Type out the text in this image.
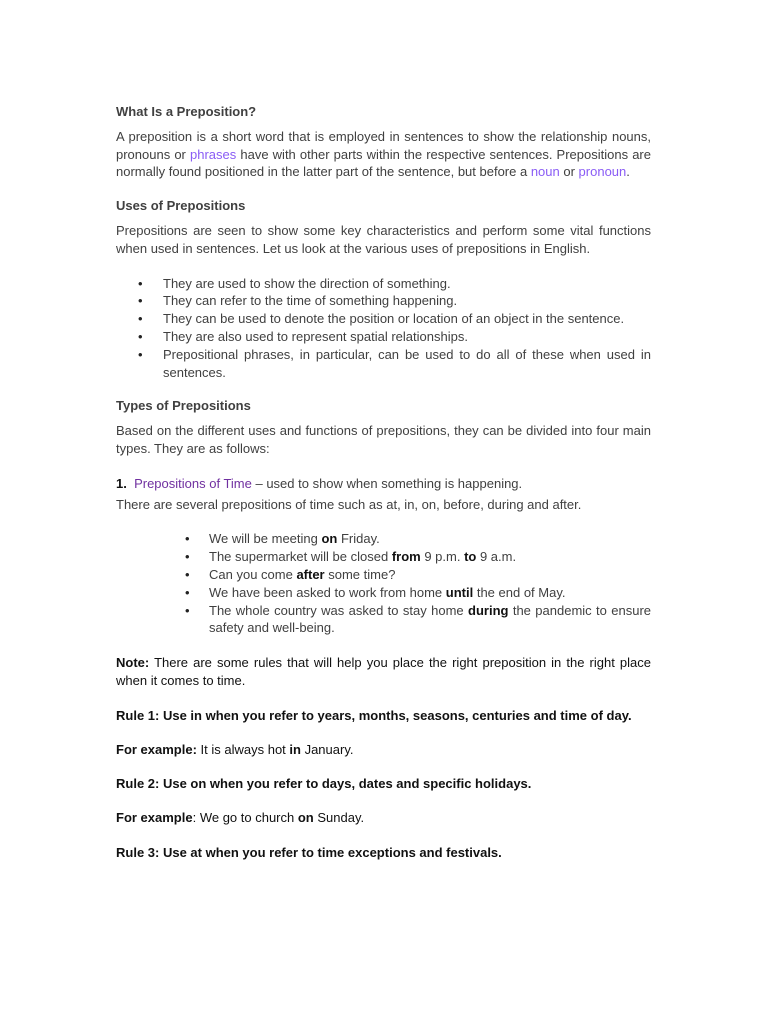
What Is a Preposition?

A preposition is a short word that is employed in sentences to show the relationship nouns, pronouns or phrases have with other parts within the respective sentences. Prepositions are normally found positioned in the latter part of the sentence, but before a noun or pronoun.

Uses of Prepositions

Prepositions are seen to show some key characteristics and perform some vital functions when used in sentences. Let us look at the various uses of prepositions in English.

• They are used to show the direction of something.
• They can refer to the time of something happening.
• They can be used to denote the position or location of an object in the sentence.
• They are also used to represent spatial relationships.
• Prepositional phrases, in particular, can be used to do all of these when used in sentences.
Types of Prepositions

Based on the different uses and functions of prepositions, they can be divided into four main types. They are as follows:

1. Prepositions of Time – used to show when something is happening.

There are several prepositions of time such as at, in, on, before, during and after.

• We will be meeting on Friday.
• The supermarket will be closed from 9 p.m. to 9 a.m.
• Can you come after some time?
• We have been asked to work from home until the end of May.
• The whole country was asked to stay home during the pandemic to ensure safety and well-being.

Note: There are some rules that will help you place the right preposition in the right place when it comes to time.

Rule 1: Use in when you refer to years, months, seasons, centuries and time of day.

For example: It is always hot in January.

Rule 2: Use on when you refer to days, dates and specific holidays.

For example: We go to church on Sunday.

Rule 3: Use at when you refer to time exceptions and festivals.
